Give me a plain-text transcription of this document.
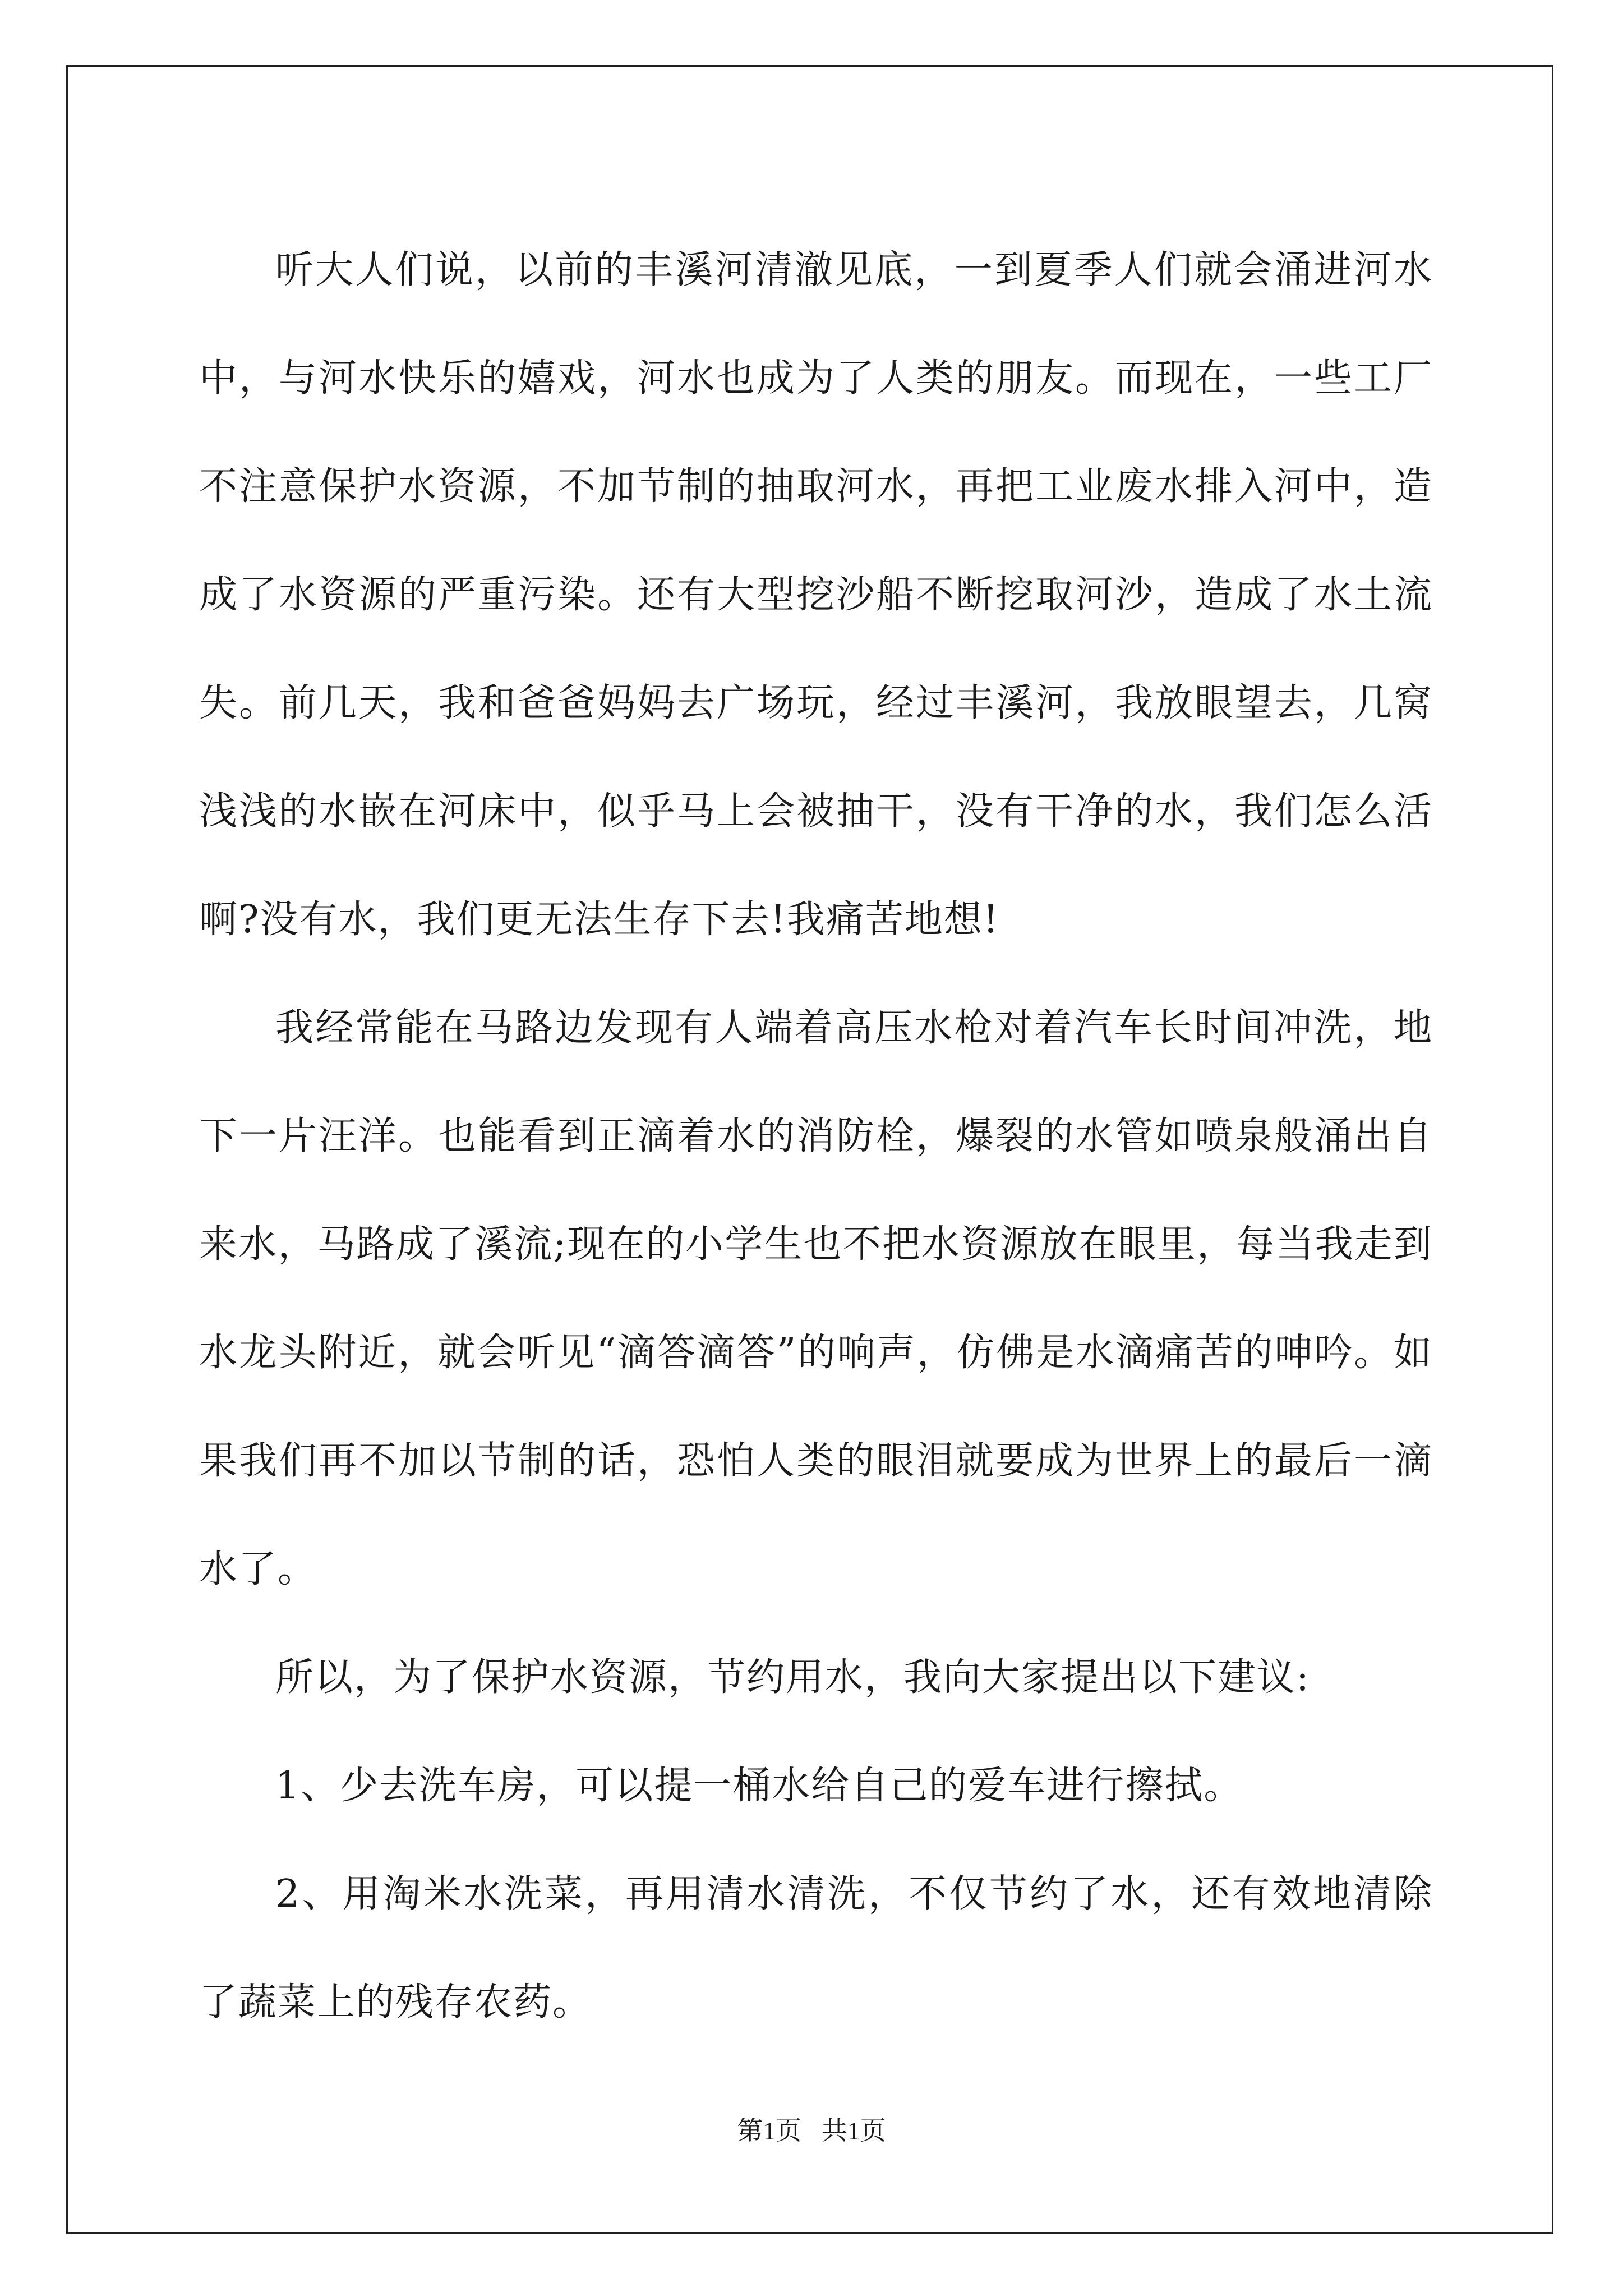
听大人们说，以前的丰溪河清澈见底，一到夏季人们就会涌进河水中，与河水快乐的嬉戏，河水也成为了人类的朋友。而现在，一些工厂不注意保护水资源，不加节制的抽取河水，再把工业废水排入河中，造成了水资源的严重污染。还有大型挖沙船不断挖取河沙，造成了水土流失。前几天，我和爸爸妈妈去广场玩，经过丰溪河，我放眼望去，几窝浅浅的水嵌在河床中，似乎马上会被抽干，没有干净的水，我们怎么活啊?没有水，我们更无法生存下去!我痛苦地想!

我经常能在马路边发现有人端着高压水枪对着汽车长时间冲洗，地下一片汪洋。也能看到正滴着水的消防栓，爆裂的水管如喷泉般涌出自来水，马路成了溪流;现在的小学生也不把水资源放在眼里，每当我走到水龙头附近，就会听见“滴答滴答”的响声，仿佛是水滴痛苦的呻吟。如果我们再不加以节制的话，恐怕人类的眼泪就要成为世界上的最后一滴水了。

所以，为了保护水资源，节约用水，我向大家提出以下建议:

1、少去洗车房，可以提一桶水给自己的爱车进行擦拭。

2、用淘米水洗菜，再用清水清洗，不仅节约了水，还有效地清除了蔬菜上的残存农药。

第1页 共1页
